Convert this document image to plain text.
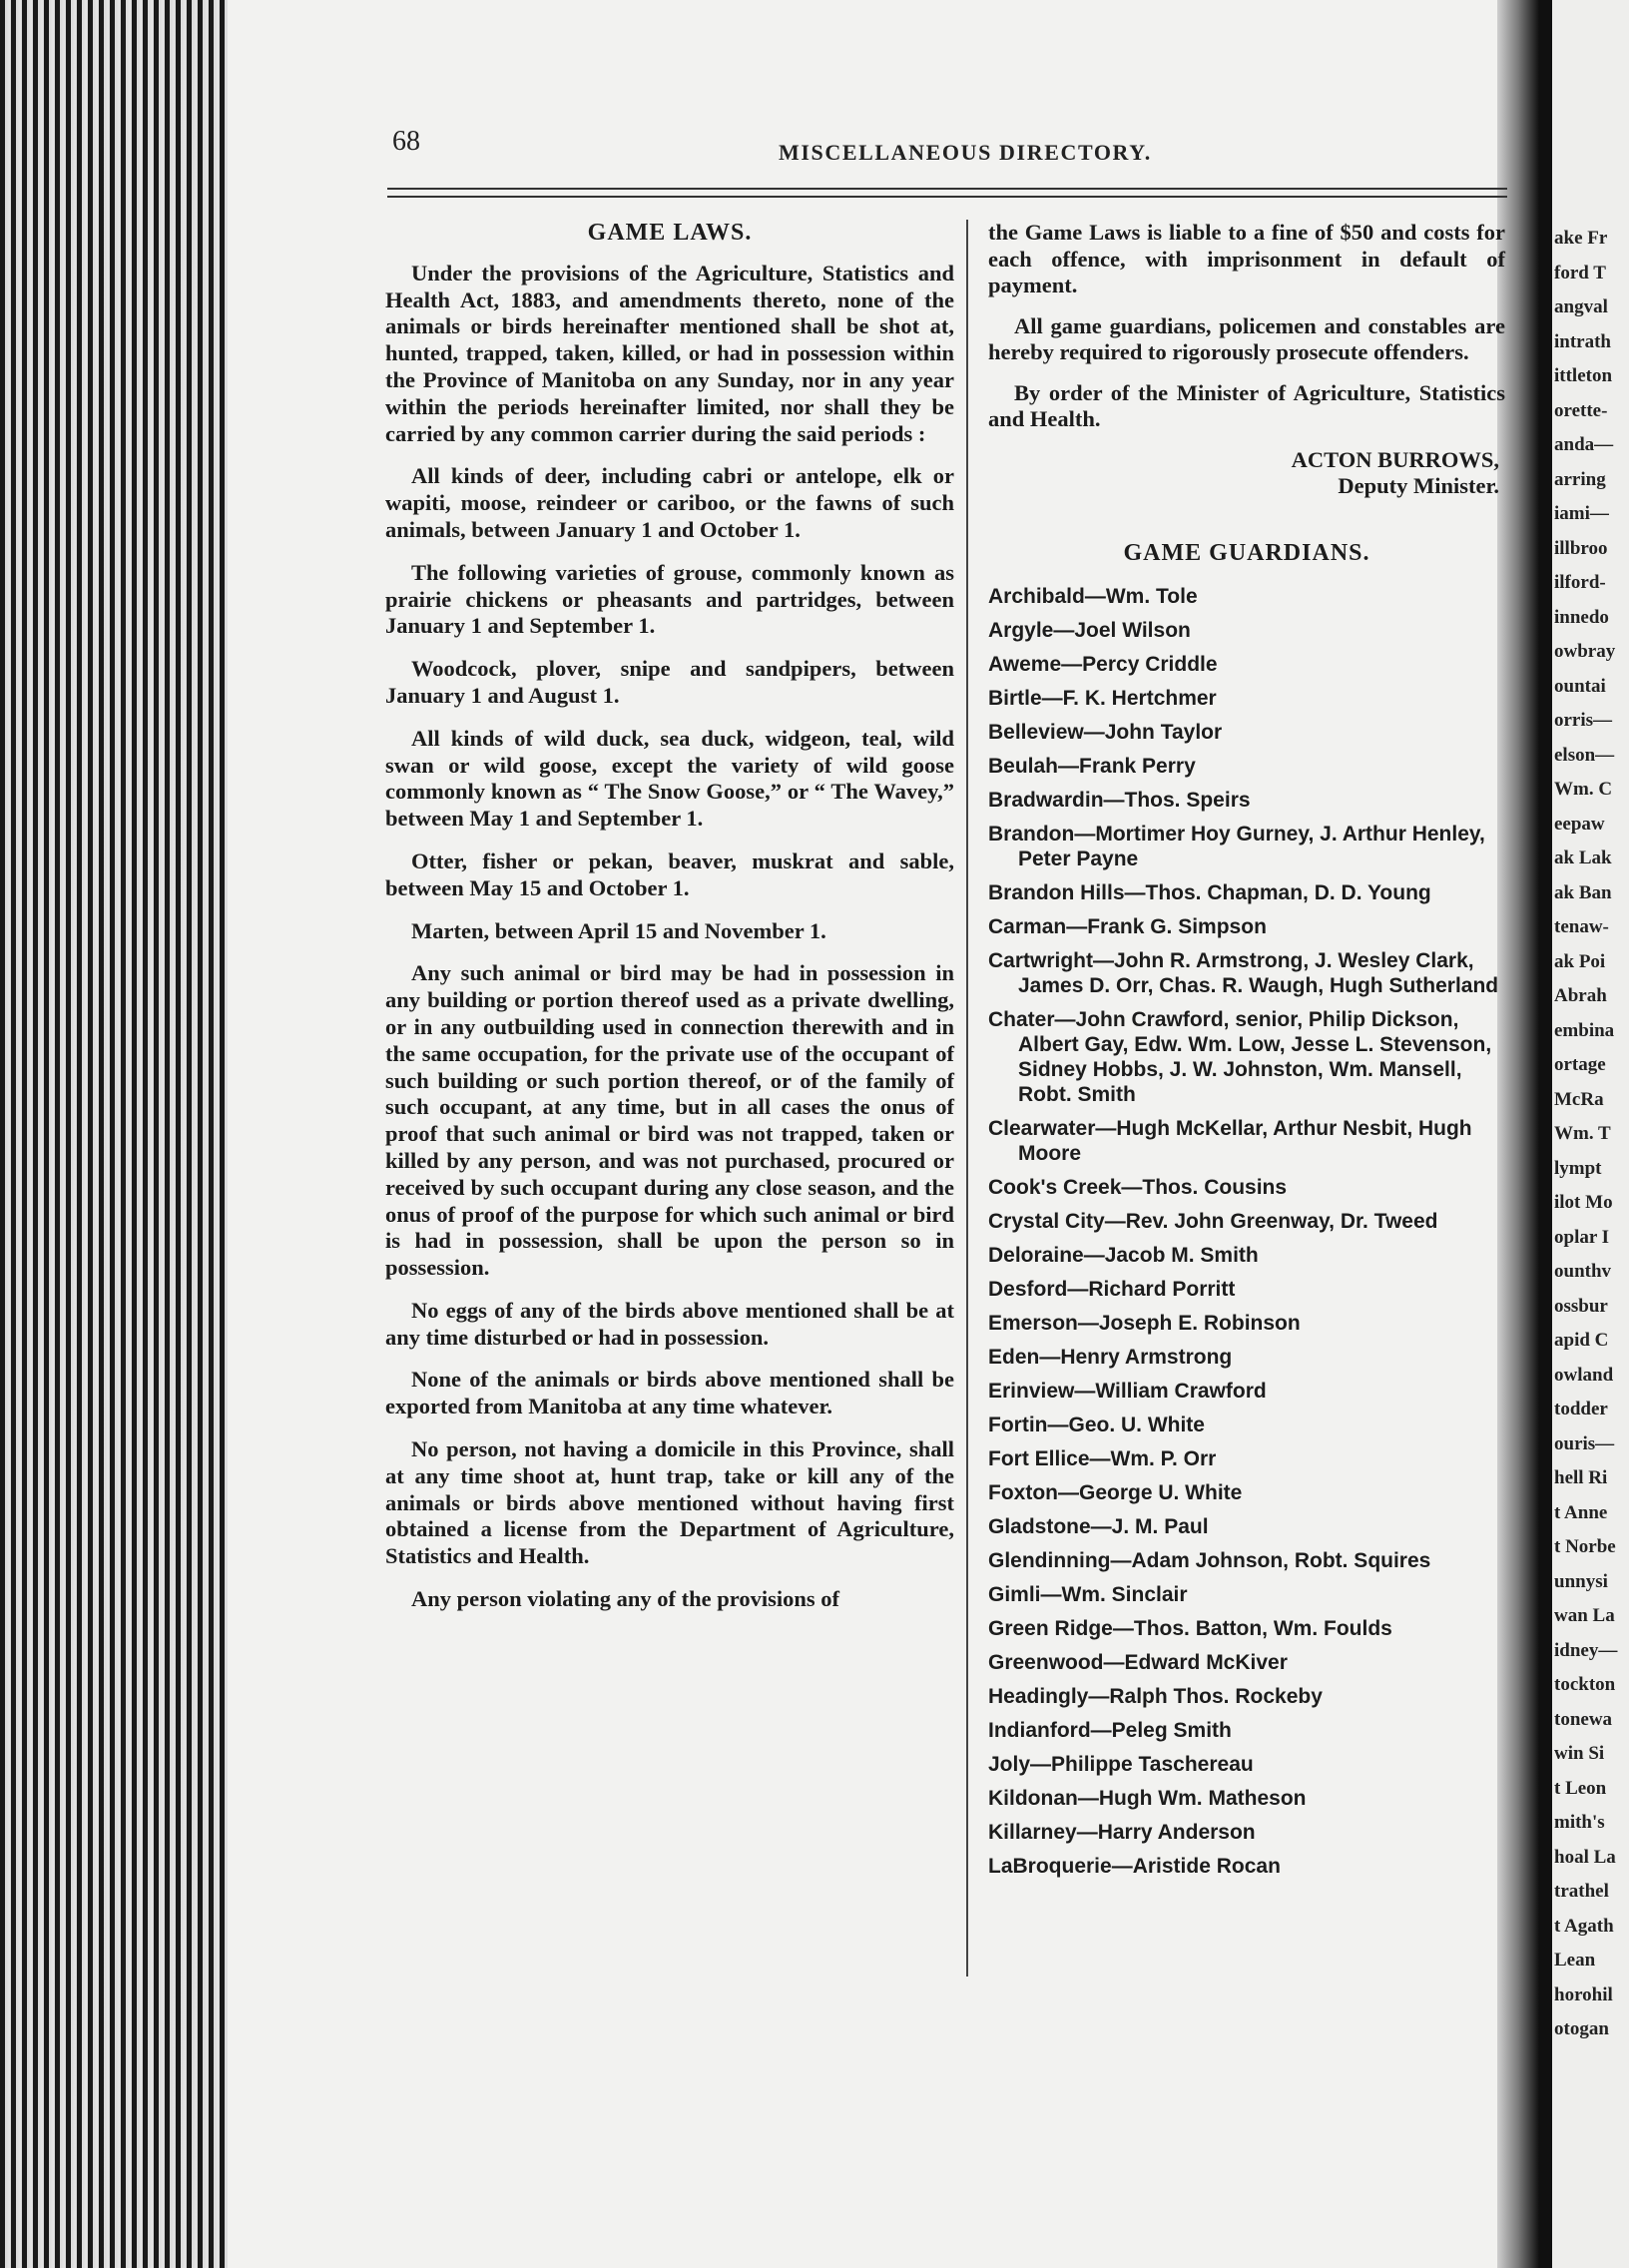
ake Fr
ford T
angval
intrath
ittleton
orette-
anda—
arring
iami—
illbroo
ilford-
innedo
owbray
ountai
orris—
elson—
Wm. C
eepaw
ak Lak
ak Ban
tenaw-
ak Poi
Abrah
embina
ortage
McRa
Wm. T
lympt
ilot Mo
oplar I
ounthv
ossbur
apid C
owland
todder
ouris—
hell Ri
t Anne
t Norbe
unnysi
wan La
idney—
tockton
tonewa
win Si
t Leon
mith's
hoal La
trathel
t Agath
Lean
horohil
otogan
68	MISCELLANEOUS DIRECTORY.
GAME LAWS.
Under the provisions of the Agriculture, Statistics and Health Act, 1883, and amendments thereto, none of the animals or birds hereinafter mentioned shall be shot at, hunted, trapped, taken, killed, or had in possession within the Province of Manitoba on any Sunday, nor in any year within the periods hereinafter limited, nor shall they be carried by any common carrier during the said periods :
All kinds of deer, including cabri or antelope, elk or wapiti, moose, reindeer or cariboo, or the fawns of such animals, between January 1 and October 1.
The following varieties of grouse, commonly known as prairie chickens or pheasants and partridges, between January 1 and September 1.
Woodcock, plover, snipe and sandpipers, between January 1 and August 1.
All kinds of wild duck, sea duck, widgeon, teal, wild swan or wild goose, except the variety of wild goose commonly known as “ The Snow Goose,” or “ The Wavey,” between May 1 and September 1.
Otter, fisher or pekan, beaver, muskrat and sable, between May 15 and October 1.
Marten, between April 15 and November 1.
Any such animal or bird may be had in possession in any building or portion thereof used as a private dwelling, or in any outbuilding used in connection therewith and in the same occupation, for the private use of the occupant of such building or such portion thereof, or of the family of such occupant, at any time, but in all cases the onus of proof that such animal or bird was not trapped, taken or killed by any person, and was not purchased, procured or received by such occupant during any close season, and the onus of proof of the purpose for which such animal or bird is had in possession, shall be upon the person so in possession.
No eggs of any of the birds above mentioned shall be at any time disturbed or had in possession.
None of the animals or birds above mentioned shall be exported from Manitoba at any time whatever.
No person, not having a domicile in this Province, shall at any time shoot at, hunt trap, take or kill any of the animals or birds above mentioned without having first obtained a license from the Department of Agriculture, Statistics and Health.
Any person violating any of the provisions of
the Game Laws is liable to a fine of $50 and costs for each offence, with imprisonment in default of payment.
All game guardians, policemen and constables are hereby required to rigorously prosecute offenders.
By order of the Minister of Agriculture, Statistics and Health.
ACTON BURROWS,
Deputy Minister.
GAME GUARDIANS.
Archibald—Wm. Tole
Argyle—Joel Wilson
Aweme—Percy Criddle
Birtle—F. K. Hertchmer
Belleview—John Taylor
Beulah—Frank Perry
Bradwardin—Thos. Speirs
Brandon—Mortimer Hoy Gurney, J. Arthur Henley, Peter Payne
Brandon Hills—Thos. Chapman, D. D. Young
Carman—Frank G. Simpson
Cartwright—John R. Armstrong, J. Wesley Clark, James D. Orr, Chas. R. Waugh, Hugh Sutherland
Chater—John Crawford, senior, Philip Dickson, Albert Gay, Edw. Wm. Low, Jesse L. Stevenson, Sidney Hobbs, J. W. Johnston, Wm. Mansell, Robt. Smith
Clearwater—Hugh McKellar, Arthur Nesbit, Hugh Moore
Cook's Creek—Thos. Cousins
Crystal City—Rev. John Greenway, Dr. Tweed
Deloraine—Jacob M. Smith
Desford—Richard Porritt
Emerson—Joseph E. Robinson
Eden—Henry Armstrong
Erinview—William Crawford
Fortin—Geo. U. White
Fort Ellice—Wm. P. Orr
Foxton—George U. White
Gladstone—J. M. Paul
Glendinning—Adam Johnson, Robt. Squires
Gimli—Wm. Sinclair
Green Ridge—Thos. Batton, Wm. Foulds
Greenwood—Edward McKiver
Headingly—Ralph Thos. Rockeby
Indianford—Peleg Smith
Joly—Philippe Taschereau
Kildonan—Hugh Wm. Matheson
Killarney—Harry Anderson
LaBroquerie—Aristide Rocan
